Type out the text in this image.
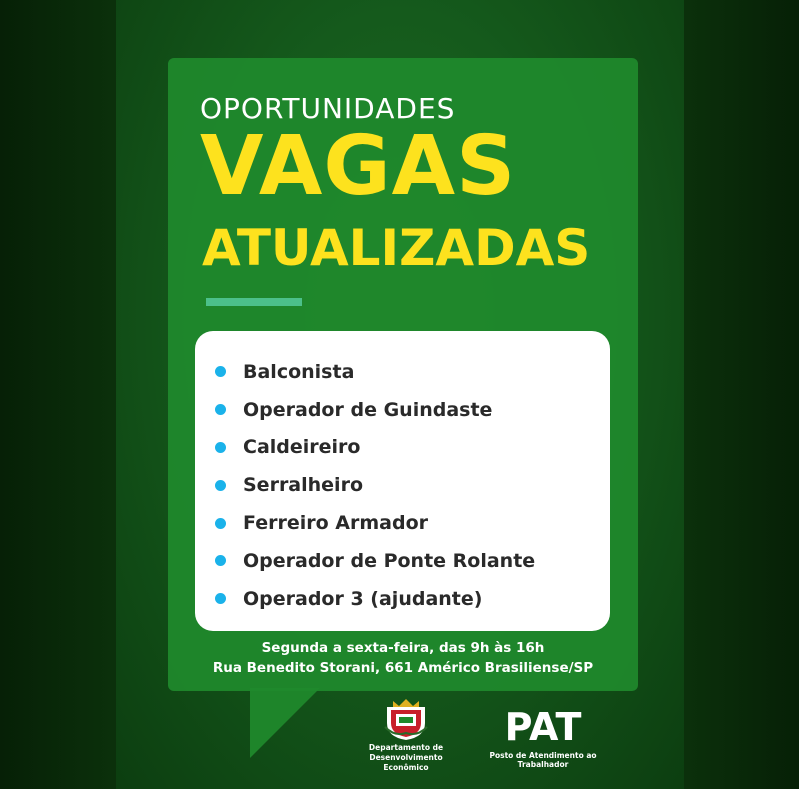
OPORTUNIDADES
VAGAS
ATUALIZADAS
Balconista
Operador de Guindaste
Caldeireiro
Serralheiro
Ferreiro Armador
Operador de Ponte Rolante
Operador 3 (ajudante)
Segunda a sexta-feira, das 9h às 16h
Rua Benedito Storani, 661 Américo Brasiliense/SP
Departamento de
Desenvolvimento Econômico
PAT
Posto de Atendimento ao Trabalhador
